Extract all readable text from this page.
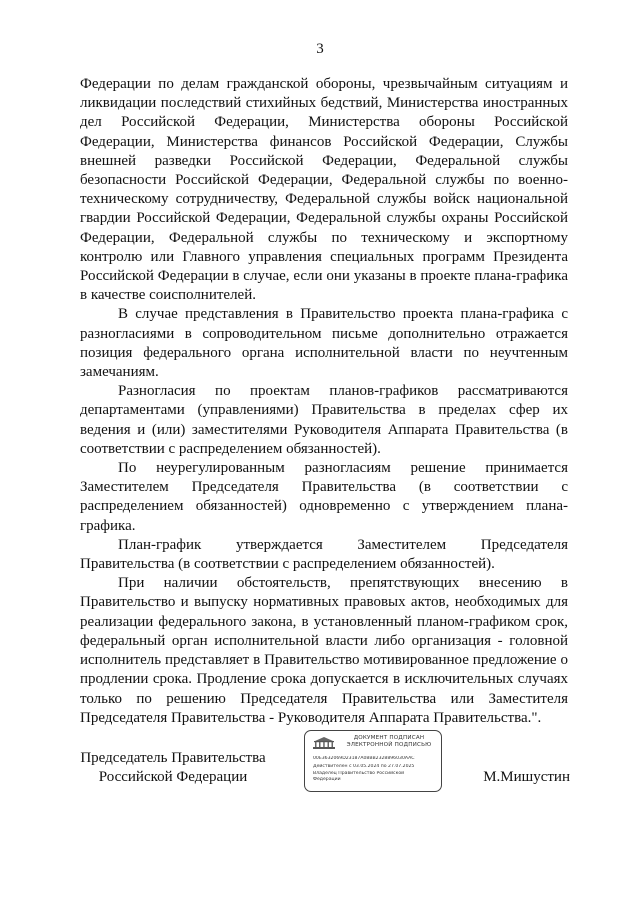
3

Федерации по делам гражданской обороны, чрезвычайным ситуациям и ликвидации последствий стихийных бедствий, Министерства иностранных дел Российской Федерации, Министерства обороны Российской Федерации, Министерства финансов Российской Федерации, Службы внешней разведки Российской Федерации, Федеральной службы безопасности Российской Федерации, Федеральной службы по военно-техническому сотрудничеству, Федеральной службы войск национальной гвардии Российской Федерации, Федеральной службы охраны Российской Федерации, Федеральной службы по техническому и экспортному контролю или Главного управления специальных программ Президента Российской Федерации в случае, если они указаны в проекте плана-графика в качестве соисполнителей.

В случае представления в Правительство проекта плана-графика с разногласиями в сопроводительном письме дополнительно отражается позиция федерального органа исполнительной власти по неучтенным замечаниям.

Разногласия по проектам планов-графиков рассматриваются департаментами (управлениями) Правительства в пределах сфер их ведения и (или) заместителями Руководителя Аппарата Правительства (в соответствии с распределением обязанностей).

По неурегулированным разногласиям решение принимается Заместителем Председателя Правительства (в соответствии с распределением обязанностей) одновременно с утверждением плана-графика.

План-график утверждается Заместителем Председателя Правительства (в соответствии с распределением обязанностей).

При наличии обстоятельств, препятствующих внесению в Правительство и выпуску нормативных правовых актов, необходимых для реализации федерального закона, в установленный планом-графиком срок, федеральный орган исполнительной власти либо организация - головной исполнитель представляет в Правительство мотивированное предложение о продлении срока. Продление срока допускается в исключительных случаях только по решению Председателя Правительства или Заместителя Председателя Правительства - Руководителя Аппарата Правительства.".

Председатель Правительства
Российской Федерации
ДОКУМЕНТ ПОДПИСАН
ЭЛЕКТРОННОЙ ПОДПИСЬЮ
00E3632069D23187A08BB2328896030AAC
Действителен с 03.05.2024 по 27.07.2025
Владелец Правительство Российской
Федерации	М.Мишустин
